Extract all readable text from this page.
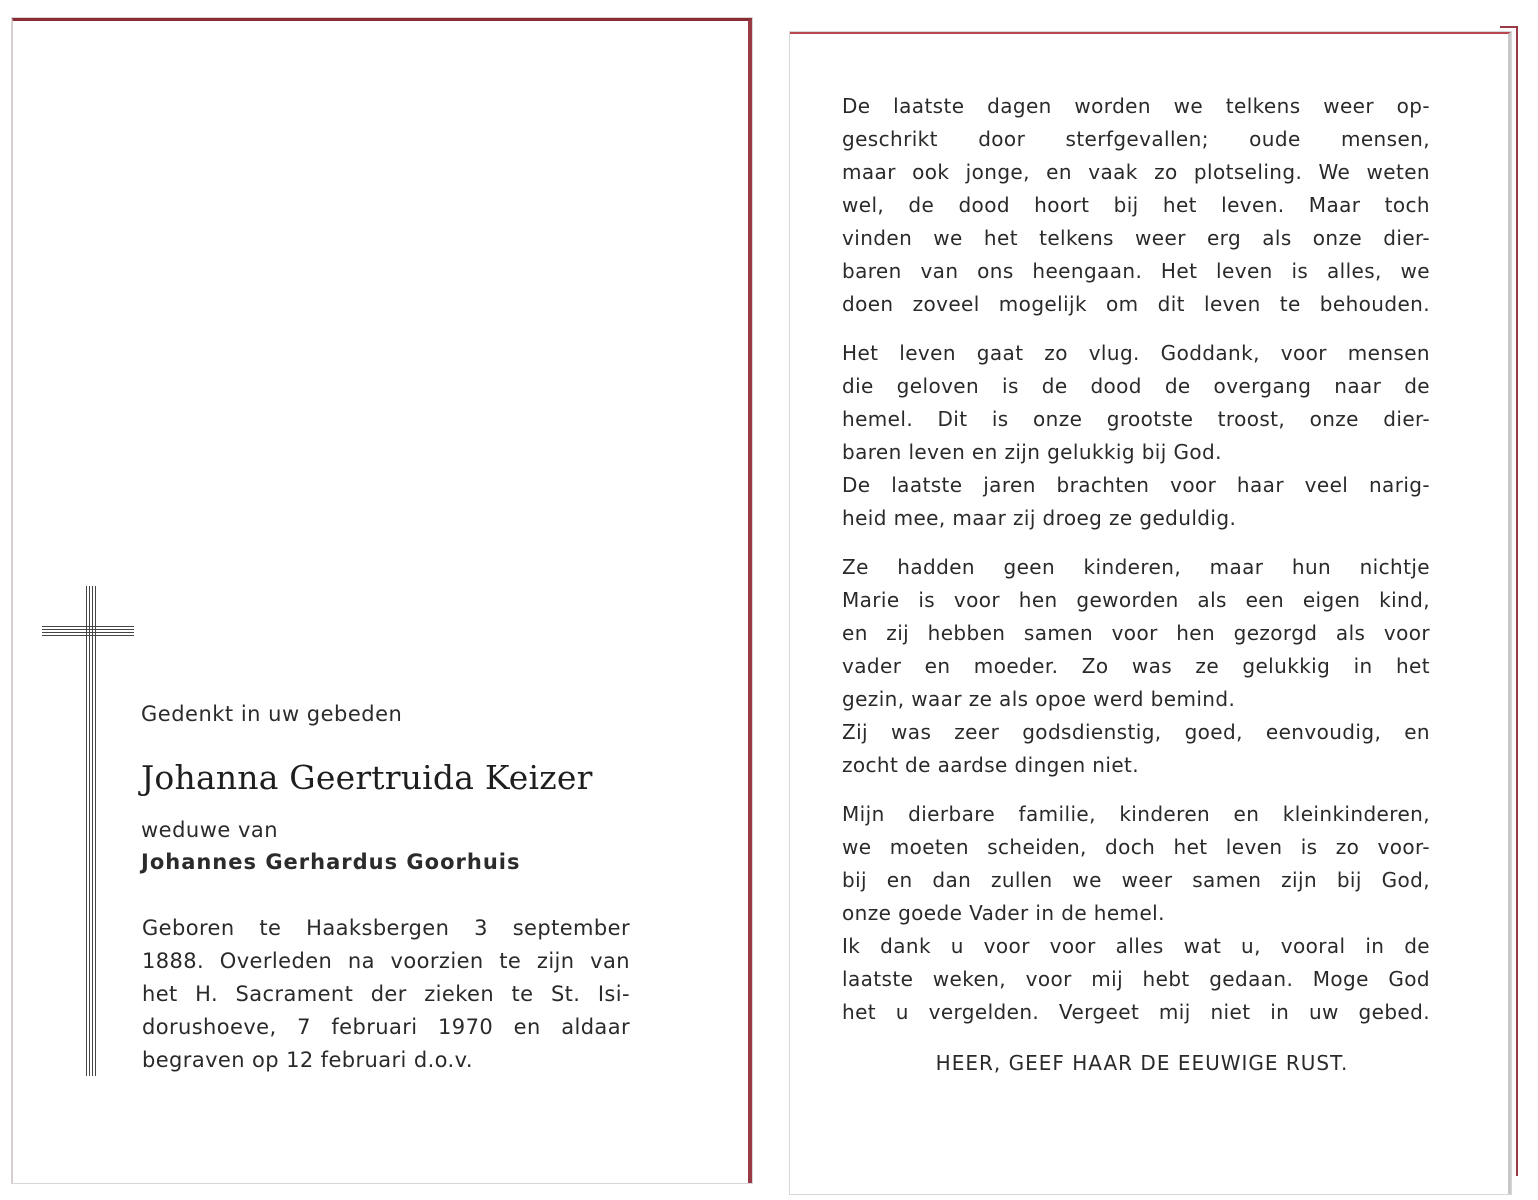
Gedenkt in uw gebeden
Johanna Geertruida Keizer
weduwe van
Johannes Gerhardus Goorhuis
Geboren te Haaksbergen 3 september
1888. Overleden na voorzien te zijn van
het H. Sacrament der zieken te St. Isi-
dorushoeve, 7 februari 1970 en aldaar
begraven op 12 februari d.o.v.
De laatste dagen worden we telkens weer op-
geschrikt door sterfgevallen; oude mensen,
maar ook jonge, en vaak zo plotseling. We weten
wel, de dood hoort bij het leven. Maar toch
vinden we het telkens weer erg als onze dier-
baren van ons heengaan. Het leven is alles, we
doen zoveel mogelijk om dit leven te behouden.
Het leven gaat zo vlug. Goddank, voor mensen
die geloven is de dood de overgang naar de
hemel. Dit is onze grootste troost, onze dier-
baren leven en zijn gelukkig bij God.
De laatste jaren brachten voor haar veel narig-
heid mee, maar zij droeg ze geduldig.
Ze hadden geen kinderen, maar hun nichtje
Marie is voor hen geworden als een eigen kind,
en zij hebben samen voor hen gezorgd als voor
vader en moeder. Zo was ze gelukkig in het
gezin, waar ze als opoe werd bemind.
Zij was zeer godsdienstig, goed, eenvoudig, en
zocht de aardse dingen niet.
Mijn dierbare familie, kinderen en kleinkinderen,
we moeten scheiden, doch het leven is zo voor-
bij en dan zullen we weer samen zijn bij God,
onze goede Vader in de hemel.
Ik dank u voor voor alles wat u, vooral in de
laatste weken, voor mij hebt gedaan. Moge God
het u vergelden. Vergeet mij niet in uw gebed.
HEER, GEEF HAAR DE EEUWIGE RUST.
